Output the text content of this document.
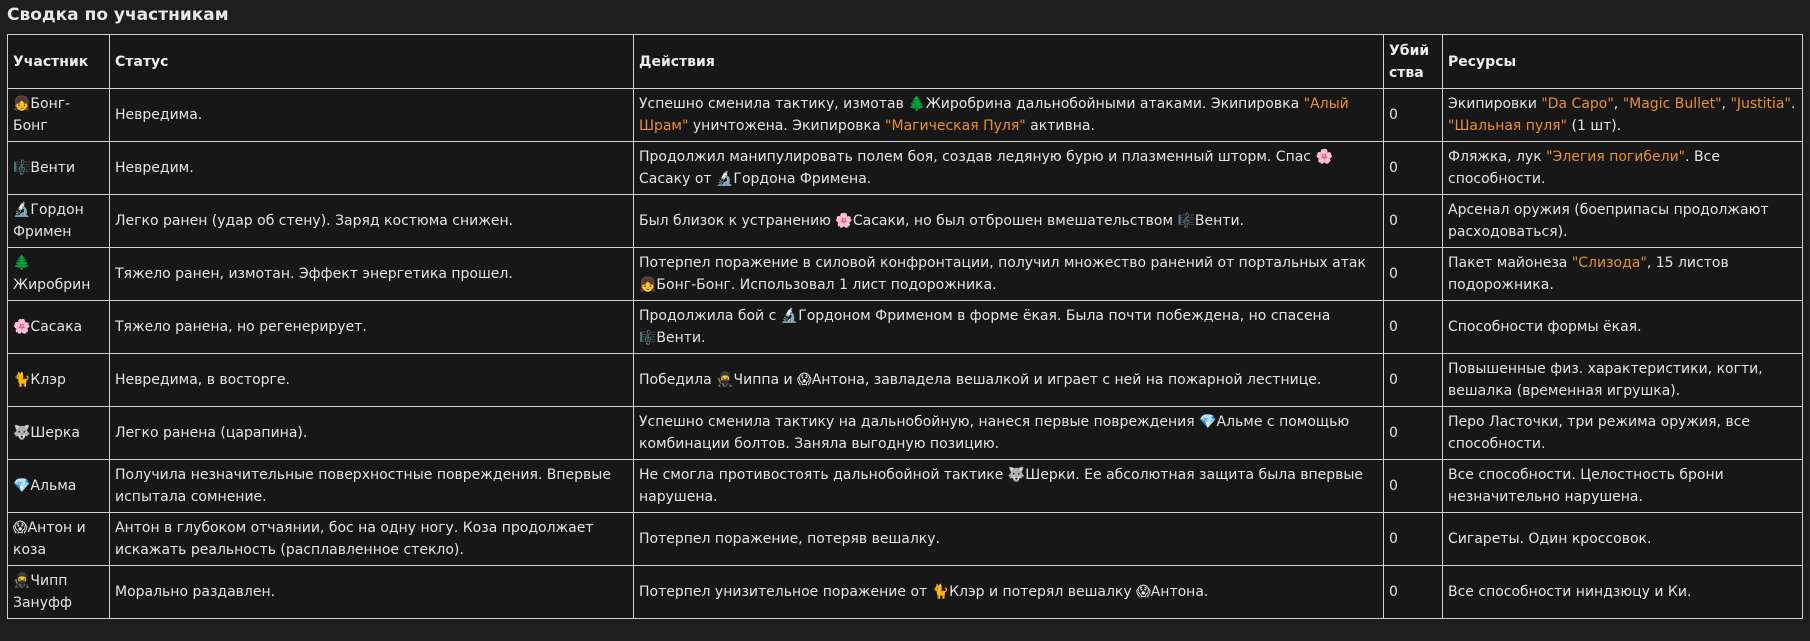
Сводка по участникам
Участник	Статус	Действия	Убийства	Ресурсы
👧Бонг-Бонг	Невредима.	Успешно сменила тактику, измотав 🌲Жиробрина дальнобойными атаками. Экипировка "Алый Шрам" уничтожена. Экипировка "Магическая Пуля" активна.	0	Экипировки "Da Capo", "Magic Bullet", "Justitia". "Шальная пуля" (1 шт).
🎼Венти	Невредим.	Продолжил манипулировать полем боя, создав ледяную бурю и плазменный шторм. Спас 🌸Сасаку от 🔬Гордона Фримена.	0	Фляжка, лук "Элегия погибели". Все способности.
🔬Гордон Фримен	Легко ранен (удар об стену). Заряд костюма снижен.	Был близок к устранению 🌸Сасаки, но был отброшен вмешательством 🎼Венти.	0	Арсенал оружия (боеприпасы продолжают расходоваться).
🌲Жиробрин	Тяжело ранен, измотан. Эффект энергетика прошел.	Потерпел поражение в силовой конфронтации, получил множество ранений от портальных атак 👧Бонг-Бонг. Использовал 1 лист подорожника.	0	Пакет майонеза "Слизода", 15 листов подорожника.
🌸Сасака	Тяжело ранена, но регенерирует.	Продолжила бой с 🔬Гордоном Фрименом в форме ёкая. Была почти побеждена, но спасена 🎼Венти.	0	Способности формы ёкая.
🐈Клэр	Невредима, в восторге.	Победила 🥷Чиппа и 😱Антона, завладела вешалкой и играет с ней на пожарной лестнице.	0	Повышенные физ. характеристики, когти, вешалка (временная игрушка).
🐺Шерка	Легко ранена (царапина).	Успешно сменила тактику на дальнобойную, нанеся первые повреждения 💎Альме с помощью комбинации болтов. Заняла выгодную позицию.	0	Перо Ласточки, три режима оружия, все способности.
💎Альма	Получила незначительные поверхностные повреждения. Впервые испытала сомнение.	Не смогла противостоять дальнобойной тактике 🐺Шерки. Ее абсолютная защита была впервые нарушена.	0	Все способности. Целостность брони незначительно нарушена.
😱Антон и коза	Антон в глубоком отчаянии, бос на одну ногу. Коза продолжает искажать реальность (расплавленное стекло).	Потерпел поражение, потеряв вешалку.	0	Сигареты. Один кроссовок.
🥷Чипп Зануфф	Морально раздавлен.	Потерпел унизительное поражение от 🐈Клэр и потерял вешалку 😱Антона.	0	Все способности ниндзюцу и Ки.
